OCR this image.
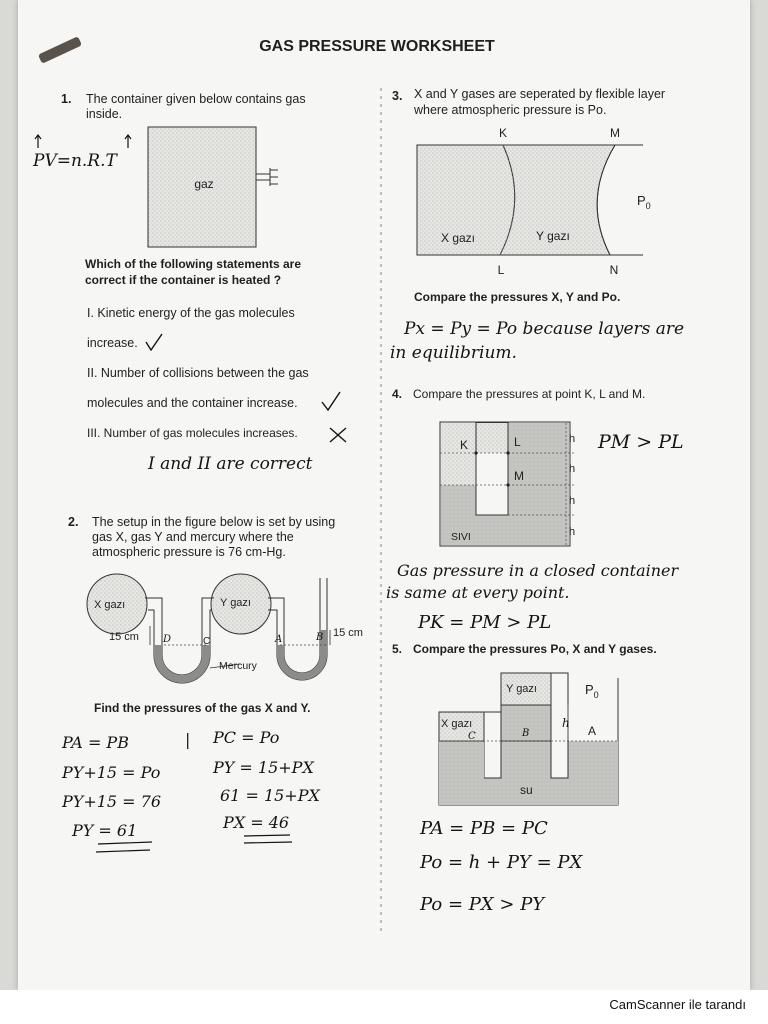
GAS PRESSURE WORKSHEET
1. The container given below contains gas
inside.
PV=n.R.T
gaz
Which of the following statements are
correct if the container is heated ?
I. Kinetic energy of the gas molecules
increase.
II. Number of collisions between the gas
molecules and the container increase.
III. Number of gas molecules increases.
I and II are correct
2. The setup in the figure below is set by using
gas X, gas Y and mercury where the
atmospheric pressure is 76 cm-Hg.
X gazı	Y gazı
15 cm	15 cm
Mercury
D	C	A	B
Find the pressures of the gas X and Y.
PA = PB
PY+15 = Po
PY+15 = 76
PY = 61
| PC = Po
PY = 15+PX
61 = 15+PX
PX = 46
3. X and Y gases are seperated by flexible layer
where atmospheric pressure is Po.
K	M
X gazı	Y gazı
$P_0$
L	N
Compare the pressures X, Y and Po.
Px = Py = Po because layers are
in equilibrium.
4. Compare the pressures at point K, L and M.
K	L
M
h
h
h
h
SIVI
PM > PL
Gas pressure in a closed container
is same at every point.
PK = PM > PL
5. Compare the pressures Po, X and Y gases.
Y gazı
X gazı
$P_0$
su
h
A
B
C
PA = PB = PC
Po = h + PY = PX
Po = PX > PY
CamScanner ile tarandı
